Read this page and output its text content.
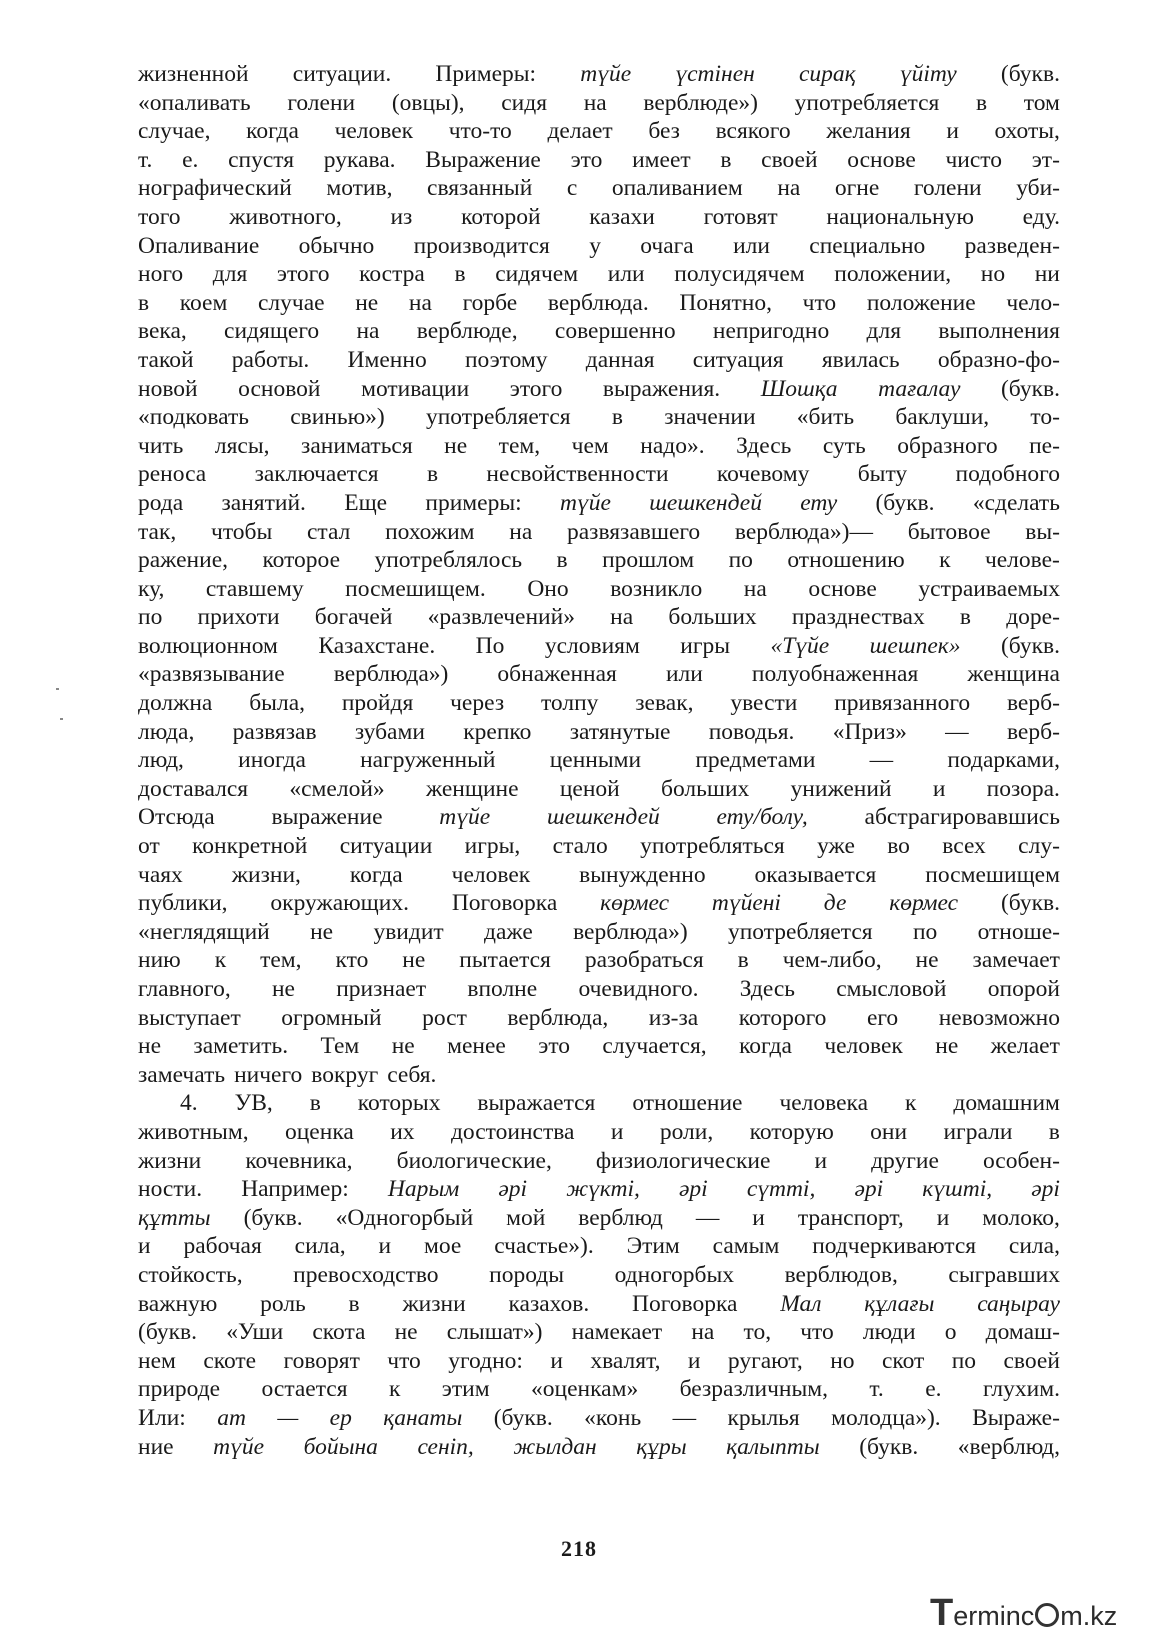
жизненной ситуации. Примеры: түйе үстінен сирақ үйіту (букв.
«опаливать голени (овцы), сидя на верблюде») употребляется в том
случае, когда человек что-то делает без всякого желания и охоты,
т. е. спустя рукава. Выражение это имеет в своей основе чисто эт-
нографический мотив, связанный с опаливанием на огне голени уби-
того животного, из которой казахи готовят национальную еду.
Опаливание обычно производится у очага или специально разведен-
ного для этого костра в сидячем или полусидячем положении, но ни
в коем случае не на горбе верблюда. Понятно, что положение чело-
века, сидящего на верблюде, совершенно непригодно для выполнения
такой работы. Именно поэтому данная ситуация явилась образно-фо-
новой основой мотивации этого выражения. Шошқа тағалау (букв.
«подковать свинью») употребляется в значении «бить баклуши, то-
чить лясы, заниматься не тем, чем надо». Здесь суть образного пе-
реноса заключается в несвойственности кочевому быту подобного
рода занятий. Еще примеры: түйе шешкендей ету (букв. «сделать
так, чтобы стал похожим на развязавшего верблюда»)— бытовое вы-
ражение, которое употреблялось в прошлом по отношению к челове-
ку, ставшему посмешищем. Оно возникло на основе устраиваемых
по прихоти богачей «развлечений» на больших празднествах в доре-
волюционном Казахстане. По условиям игры «Түйе шешпек» (букв.
«развязывание верблюда») обнаженная или полуобнаженная женщина
должна была, пройдя через толпу зевак, увести привязанного верб-
люда, развязав зубами крепко затянутые поводья. «Приз» — верб-
люд, иногда нагруженный ценными предметами — подарками,
доставался «смелой» женщине ценой больших унижений и позора.
Отсюда выражение түйе шешкендей ету/болу, абстрагировавшись
от конкретной ситуации игры, стало употребляться уже во всех слу-
чаях жизни, когда человек вынужденно оказывается посмешищем
публики, окружающих. Поговорка көрмес түйені де көрмес (букв.
«неглядящий не увидит даже верблюда») употребляется по отноше-
нию к тем, кто не пытается разобраться в чем-либо, не замечает
главного, не признает вполне очевидного. Здесь смысловой опорой
выступает огромный рост верблюда, из-за которого его невозможно
не заметить. Тем не менее это случается, когда человек не желает
замечать ничего вокруг себя.
4. УВ, в которых выражается отношение человека к домашним
животным, оценка их достоинства и роли, которую они играли в
жизни кочевника, биологические, физиологические и другие особен-
ности. Например: Нарым әрі жүкті, әрі сүтті, әрі күшті, әрі
құтты (букв. «Одногорбый мой верблюд — и транспорт, и молоко,
и рабочая сила, и мое счастье»). Этим самым подчеркиваются сила,
стойкость, превосходство породы одногорбых верблюдов, сыгравших
важную роль в жизни казахов. Поговорка Мал құлағы саңырау
(букв. «Уши скота не слышат») намекает на то, что люди о домаш-
нем скоте говорят что угодно: и хвалят, и ругают, но скот по своей
природе остается к этим «оценкам» безразличным, т. е. глухим.
Или: ат — ер қанаты (букв. «конь — крылья молодца»). Выраже-
ние түйе бойына сеніп, жылдан құры қалыпты (букв. «верблюд,
218
T erminc m.kz
